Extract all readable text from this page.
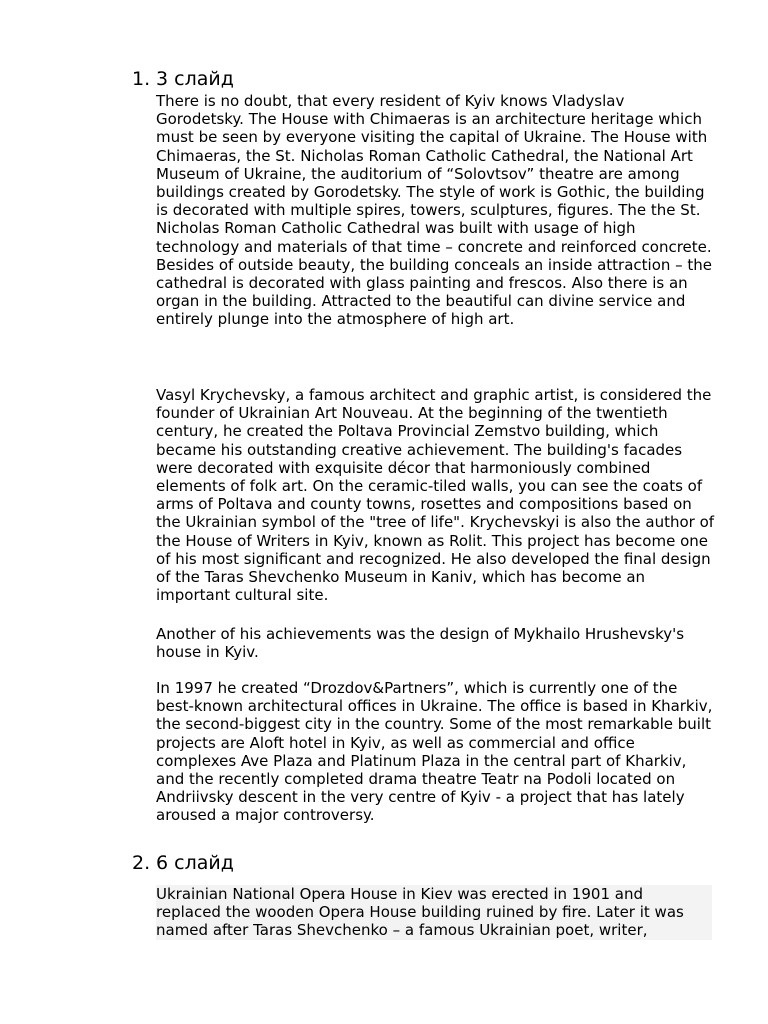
1. 3 слайд

There is no doubt, that every resident of Kyiv knows Vladyslav Gorodetsky. The House with Chimaeras is an architecture heritage which must be seen by everyone visiting the capital of Ukraine. The House with Chimaeras, the St. Nicholas Roman Catholic Cathedral, the National Art Museum of Ukraine, the auditorium of “Solovtsov” theatre are among buildings created by Gorodetsky. The style of work is Gothic, the building is decorated with multiple spires, towers, sculptures, figures. The the St. Nicholas Roman Catholic Cathedral was built with usage of high technology and materials of that time – concrete and reinforced concrete. Besides of outside beauty, the building conceals an inside attraction – the cathedral is decorated with glass painting and frescos. Also there is an organ in the building. Attracted to the beautiful can divine service and entirely plunge into the atmosphere of high art.

Vasyl Krychevsky, a famous architect and graphic artist, is considered the founder of Ukrainian Art Nouveau. At the beginning of the twentieth century, he created the Poltava Provincial Zemstvo building, which became his outstanding creative achievement. The building's facades were decorated with exquisite décor that harmoniously combined elements of folk art. On the ceramic-tiled walls, you can see the coats of arms of Poltava and county towns, rosettes and compositions based on the Ukrainian symbol of the "tree of life". Krychevskyi is also the author of the House of Writers in Kyiv, known as Rolit. This project has become one of his most significant and recognized. He also developed the final design of the Taras Shevchenko Museum in Kaniv, which has become an important cultural site.

Another of his achievements was the design of Mykhailo Hrushevsky's house in Kyiv.

In 1997 he created “Drozdov&Partners”, which is currently one of the best-known architectural offices in Ukraine. The office is based in Kharkiv, the second-biggest city in the country. Some of the most remarkable built projects are Aloft hotel in Kyiv, as well as commercial and office complexes Ave Plaza and Platinum Plaza in the central part of Kharkiv, and the recently completed drama theatre Teatr na Podoli located on Andriivsky descent in the very centre of Kyiv - a project that has lately aroused a major controversy.

2. 6 слайд

Ukrainian National Opera House in Kiev was erected in 1901 and replaced the wooden Opera House building ruined by fire. Later it was named after Taras Shevchenko – a famous Ukrainian poet, writer,
